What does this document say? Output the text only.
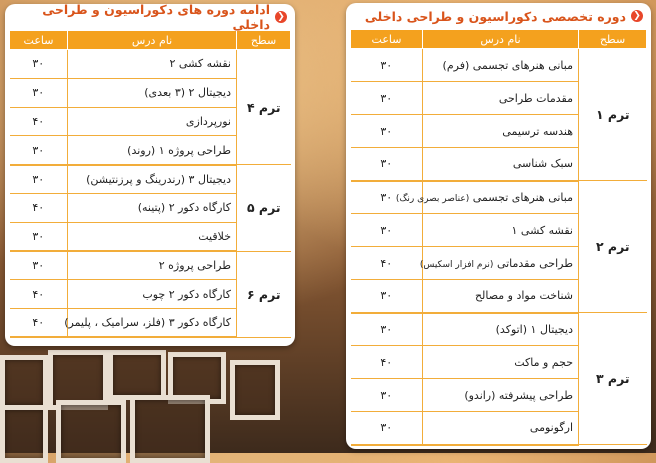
❮
ادامه دوره های دکوراسیون و طراحی داخلی
سطح	نام درس	ساعت
ترم ۴	نقشه کشی ۲	۳۰
	دیجیتال ۲ (۳ بعدی)	۳۰
	نورپردازی	۴۰
	طراحی پروژه ۱ (روند)	۳۰
ترم ۵	دیجیتال ۳ (رندرینگ و پرزنتیشن)	۳۰
	کارگاه دکور ۲ (پتینه)	۴۰
	خلاقیت	۳۰
ترم ۶	طراحی پروژه ۲	۳۰
	کارگاه دکور ۲ چوب	۴۰
	کارگاه دکور ۳ (فلز، سرامیک ، پلیمر)	۴۰
❮
دوره تخصصی دکوراسیون و طراحی داخلی
سطح	نام درس	ساعت
ترم ۱	مبانی هنرهای تجسمی (فرم)	۳۰
	مقدمات طراحی	۳۰
	هندسه ترسیمی	۳۰
	سبک شناسی	۳۰
ترم ۲	مبانی هنرهای تجسمی (عناصر بصری رنگ)	۳۰
	نقشه کشی ۱	۳۰
	طراحی مقدماتی (نرم افزار اسکیس)	۴۰
	شناخت مواد و مصالح	۳۰
ترم ۳	دیجیتال ۱ (اتوکد)	۳۰
	حجم و ماکت	۴۰
	طراحی پیشرفته (راندو)	۳۰
	ارگونومی	۳۰
